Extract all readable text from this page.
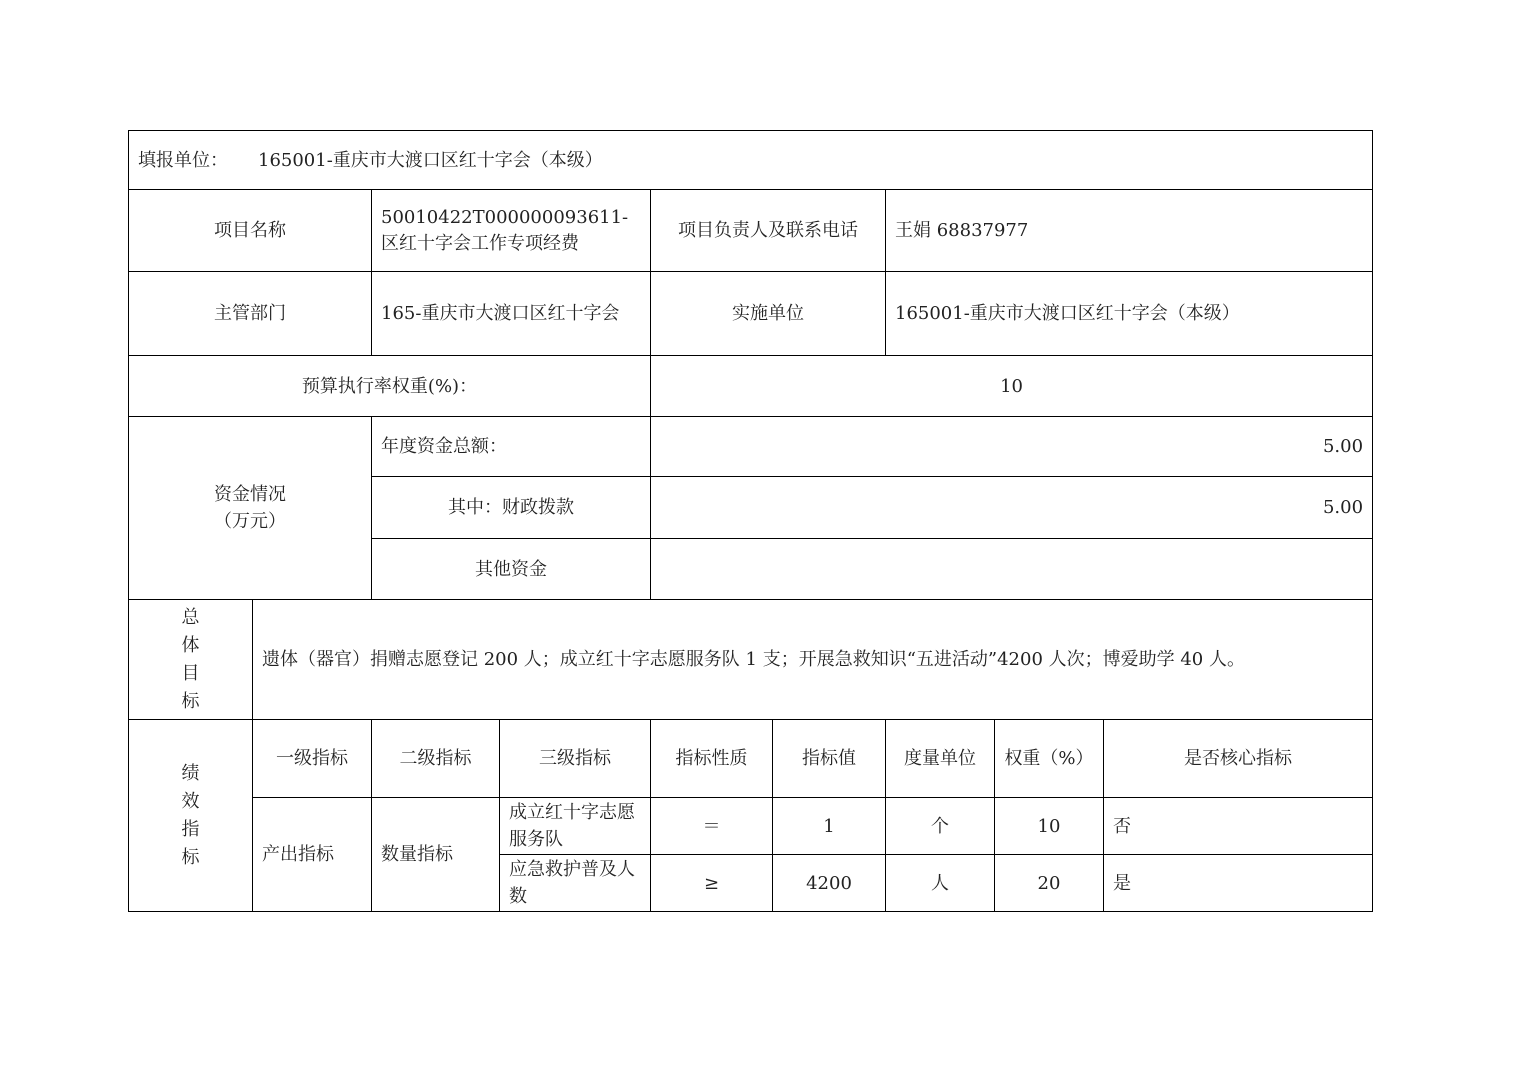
填报单位： 165001-重庆市大渡口区红十字会（本级）								
项目名称		50010422T000000093611-区红十字会工作专项经费		项目负责人及联系电话		王娟 68837977		
主管部门		165-重庆市大渡口区红十字会		实施单位		165001-重庆市大渡口区红十字会（本级）		
预算执行率权重(%)：				10				

资金情况
（万元）		年度资金总额：		5.00				
		其中：财政拨款		5.00				
		其他资金						

总
体
目
标	遗体（器官）捐赠志愿登记 200 人；成立红十字志愿服务队 1 支；开展急救知识“五进活动”4200 人次；博爱助学 40 人。							

绩
效
指
标	一级指标	二级指标	三级指标	指标性质	指标值	度量单位	权重（%）	是否核心指标
	产出指标	数量指标	成立红十字志愿服务队	＝	1	个	10	否
			应急救护普及人数	≥	4200	人	20	是
